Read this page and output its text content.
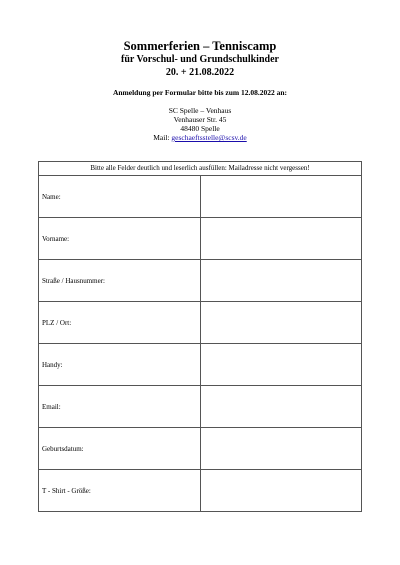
Sommerferien – Tenniscamp
für Vorschul- und Grundschulkinder
20. + 21.08.2022
Anmeldung per Formular bitte bis zum 12.08.2022 an:
SC Spelle – Venhaus
Venhauser Str. 45
48480 Spelle
Mail: geschaeftsstelle@scsv.de
Bitte alle Felder deutlich und leserlich ausfüllen: Mailadresse nicht vergessen!	
Name:	
Vorname:	
Straße / Hausnummer:	
PLZ / Ort:	
Handy:	
Email:	
Geburtsdatum:	
T - Shirt - Größe:	
